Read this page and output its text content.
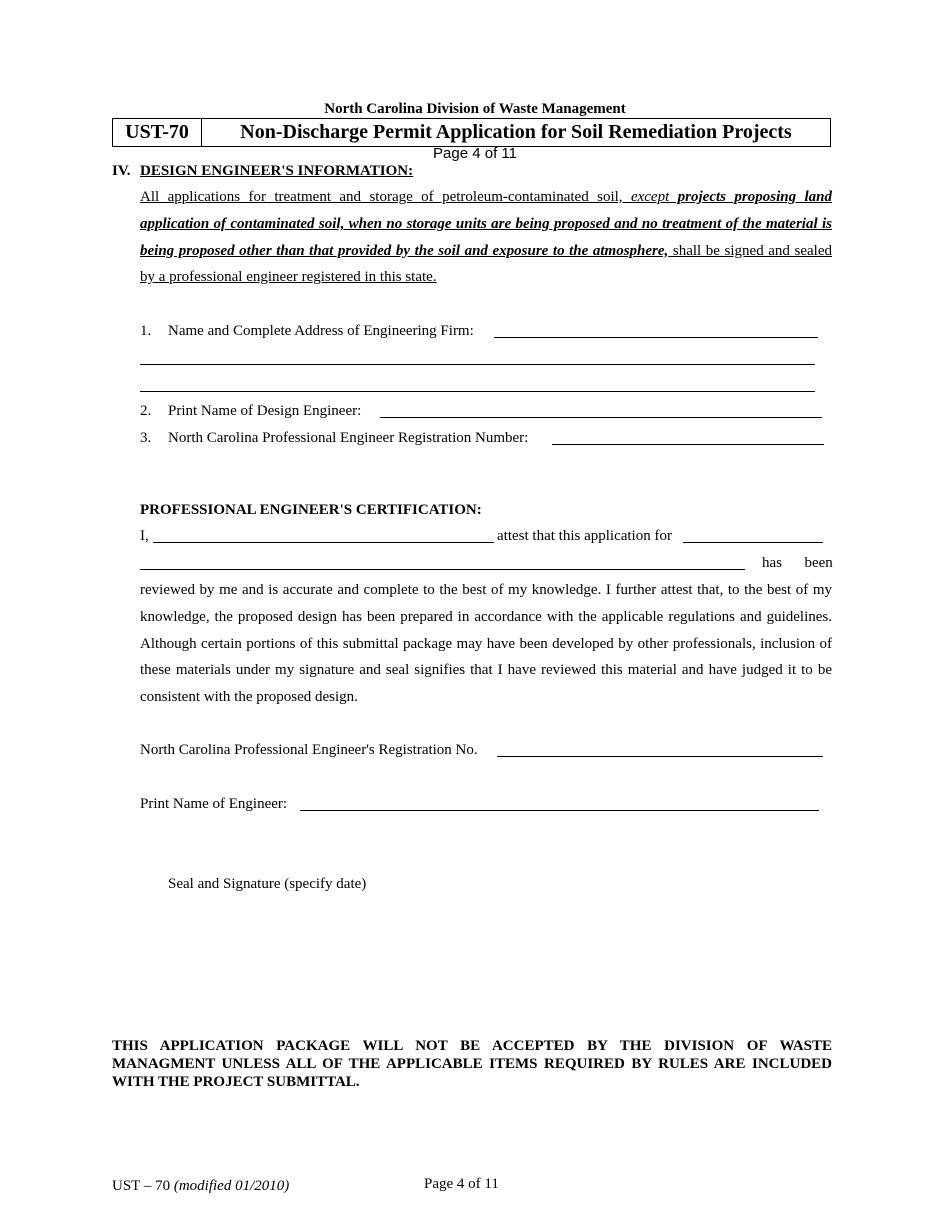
North Carolina Division of Waste Management
UST-70	Non-Discharge Permit Application for Soil Remediation Projects
Page 4 of 11
IV. DESIGN ENGINEER'S INFORMATION:
All applications for treatment and storage of petroleum-contaminated soil, except projects proposing land application of contaminated soil, when no storage units are being proposed and no treatment of the material is being proposed other than that provided by the soil and exposure to the atmosphere, shall be signed and sealed by a professional engineer registered in this state.
1. Name and Complete Address of Engineering Firm:
2. Print Name of Design Engineer:
3. North Carolina Professional Engineer Registration Number:
PROFESSIONAL ENGINEER'S CERTIFICATION:
I,	attest that this application for
has      been
reviewed by me and is accurate and complete to the best of my knowledge. I further attest that, to the best of my knowledge, the proposed design has been prepared in accordance with the applicable regulations and guidelines. Although certain portions of this submittal package may have been developed by other professionals, inclusion of these materials under my signature and seal signifies that I have reviewed this material and have judged it to be consistent with the proposed design.
North Carolina Professional Engineer's Registration No.
Print Name of Engineer:
Seal and Signature (specify date)
THIS APPLICATION PACKAGE WILL NOT BE ACCEPTED BY THE DIVISION OF WASTE MANAGMENT UNLESS ALL OF THE APPLICABLE ITEMS REQUIRED BY RULES ARE INCLUDED WITH THE PROJECT SUBMITTAL.
UST – 70 (modified 01/2010)	Page 4 of 11
